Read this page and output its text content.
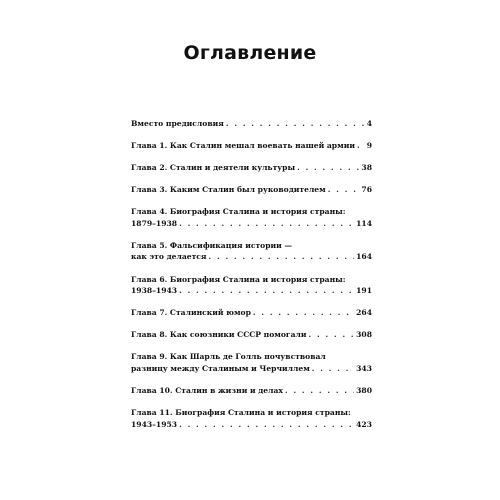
Оглавление
Вместо предисловия . . .	4
Глава 1. Как Сталин мешал воевать нашей армии . . . 9
Глава 2. Сталин и деятели культуры . . .	38
Глава 3. Каким Сталин был руководителем . . .	76
Глава 4. Биография Сталина и история страны:
1879–1938 . . .	114
Глава 5. Фальсификация истории —
как это делается . . .	164
Глава 6. Биография Сталина и история страны:
1938–1943 . . .	191
Глава 7. Сталинский юмор . . .	264
Глава 8. Как союзники СССР помогали . . .	308
Глава 9. Как Шарль де Голль почувствовал
разницу между Сталиным и Черчиллем . . .	343
Глава 10. Сталин в жизни и делах . . .	380
Глава 11. Биография Сталина и история страны:
1943–1953 . . .	423
